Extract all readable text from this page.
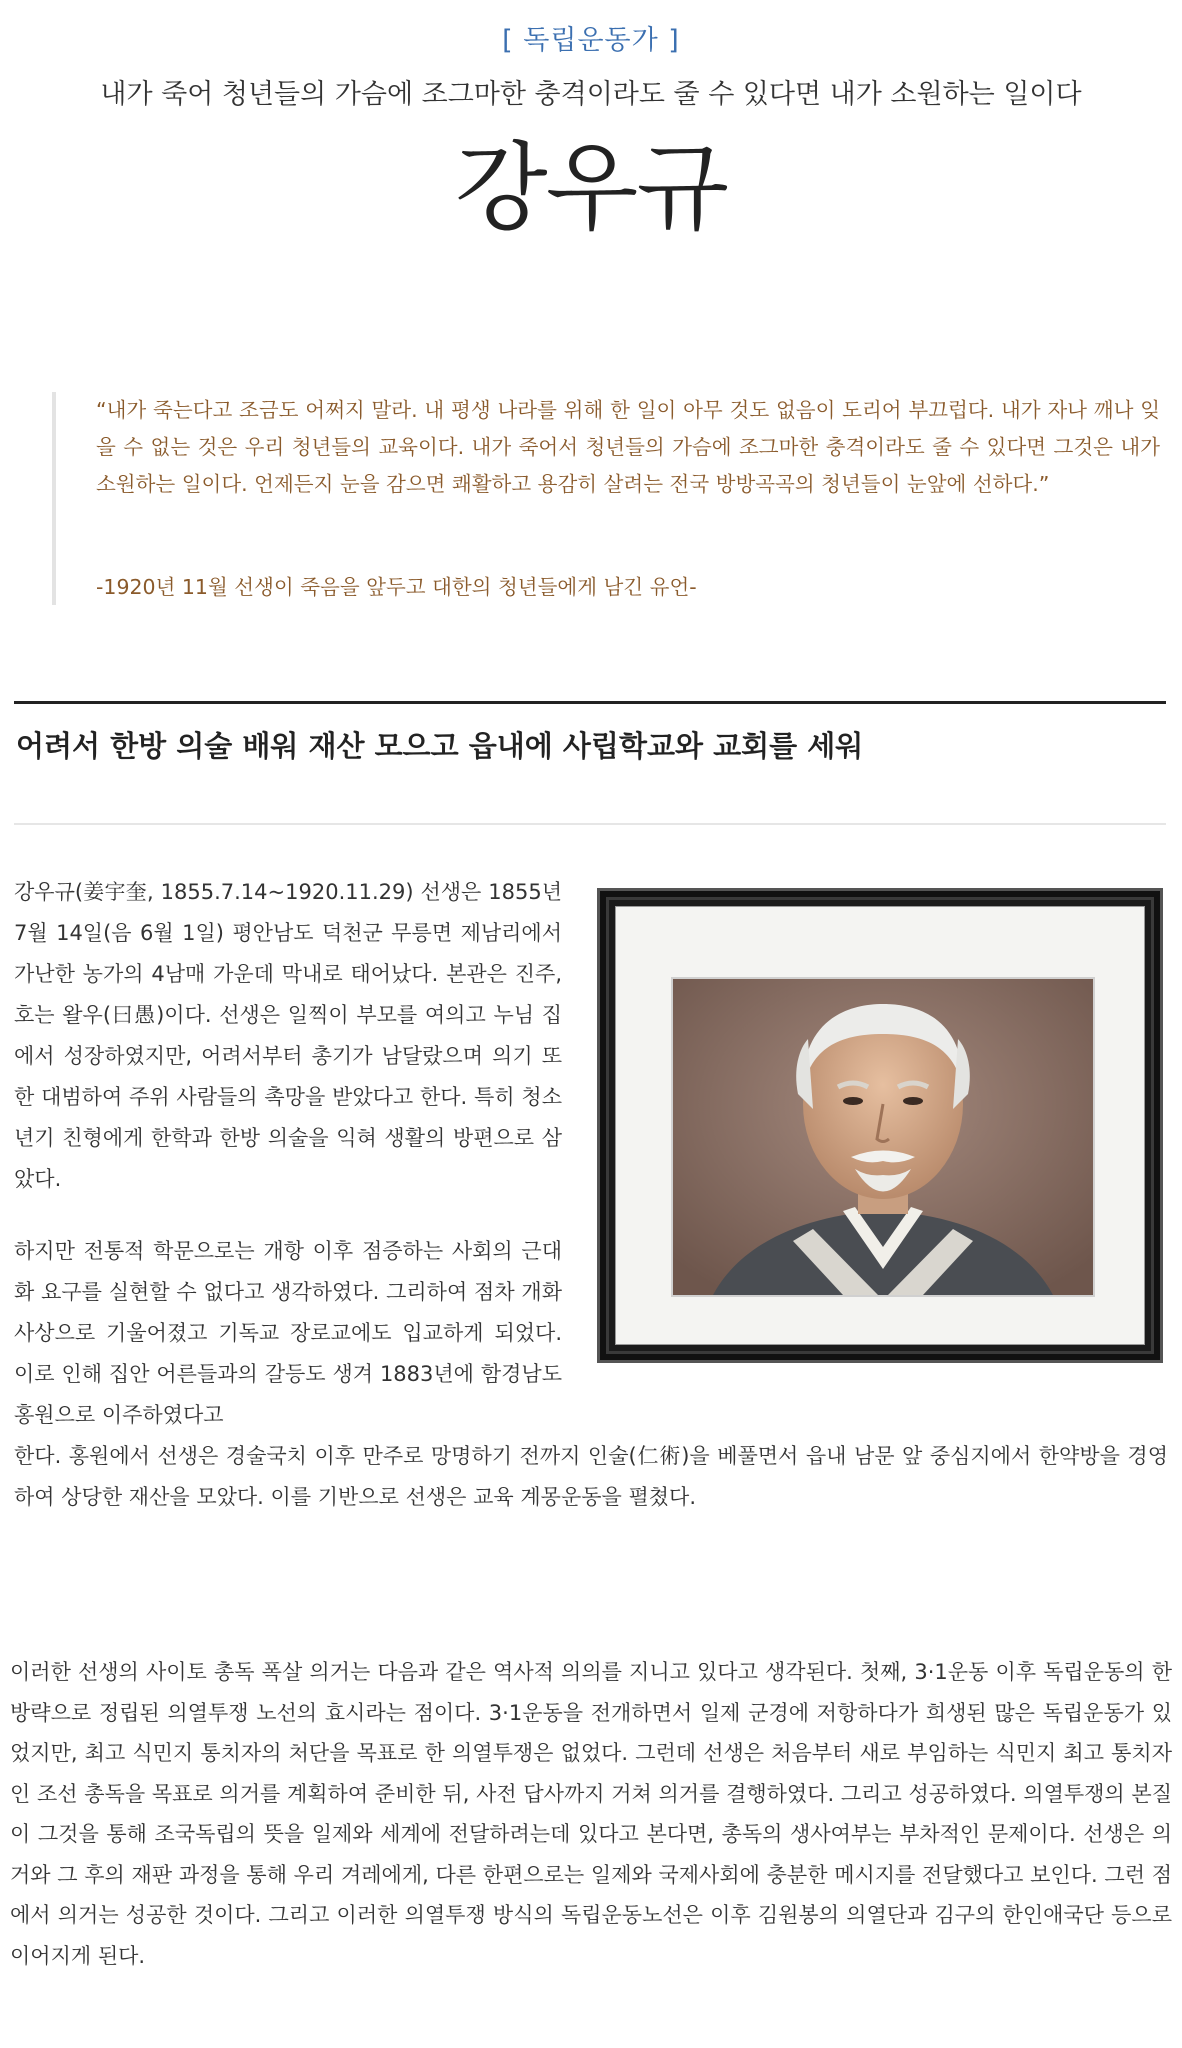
[ 독립운동가 ]
내가 죽어 청년들의 가슴에 조그마한 충격이라도 줄 수 있다면 내가 소원하는 일이다
강우규

“내가 죽는다고 조금도 어쩌지 말라. 내 평생 나라를 위해 한 일이 아무 것도 없음이 도리어 부끄럽다. 내가 자나 깨나 잊을 수 없는 것은 우리 청년들의 교육이다. 내가 죽어서 청년들의 가슴에 조그마한 충격이라도 줄 수 있다면 그것은 내가 소원하는 일이다. 언제든지 눈을 감으면 쾌활하고 용감히 살려는 전국 방방곡곡의 청년들이 눈앞에 선하다.”

-1920년 11월 선생이 죽음을 앞두고 대한의 청년들에게 남긴 유언-
어려서 한방 의술 배워 재산 모으고 읍내에 사립학교와 교회를 세워

강우규(姜宇奎, 1855.7.14~1920.11.29) 선생은 1855년 7월 14일(음 6월 1일) 평안남도 덕천군 무릉면 제남리에서 가난한 농가의 4남매 가운데 막내로 태어났다. 본관은 진주, 호는 왈우(曰愚)이다. 선생은 일찍이 부모를 여의고 누님 집에서 성장하였지만, 어려서부터 총기가 남달랐으며 의기 또한 대범하여 주위 사람들의 촉망을 받았다고 한다. 특히 청소년기 친형에게 한학과 한방 의술을 익혀 생활의 방편으로 삼았다.

하지만 전통적 학문으로는 개항 이후 점증하는 사회의 근대화 요구를 실현할 수 없다고 생각하였다. 그리하여 점차 개화사상으로 기울어졌고 기독교 장로교에도 입교하게 되었다. 이로 인해 집안 어른들과의 갈등도 생겨 1883년에 함경남도 홍원으로 이주하였다고

한다. 홍원에서 선생은 경술국치 이후 만주로 망명하기 전까지 인술(仁術)을 베풀면서 읍내 남문 앞 중심지에서 한약방을 경영하여 상당한 재산을 모았다. 이를 기반으로 선생은 교육 계몽운동을 펼쳤다.

이러한 선생의 사이토 총독 폭살 의거는 다음과 같은 역사적 의의를 지니고 있다고 생각된다. 첫째, 3·1운동 이후 독립운동의 한 방략으로 정립된 의열투쟁 노선의 효시라는 점이다. 3·1운동을 전개하면서 일제 군경에 저항하다가 희생된 많은 독립운동가 있었지만, 최고 식민지 통치자의 처단을 목표로 한 의열투쟁은 없었다. 그런데 선생은 처음부터 새로 부임하는 식민지 최고 통치자인 조선 총독을 목표로 의거를 계획하여 준비한 뒤, 사전 답사까지 거쳐 의거를 결행하였다. 그리고 성공하였다. 의열투쟁의 본질이 그것을 통해 조국독립의 뜻을 일제와 세계에 전달하려는데 있다고 본다면, 총독의 생사여부는 부차적인 문제이다. 선생은 의거와 그 후의 재판 과정을 통해 우리 겨레에게, 다른 한편으로는 일제와 국제사회에 충분한 메시지를 전달했다고 보인다. 그런 점에서 의거는 성공한 것이다. 그리고 이러한 의열투쟁 방식의 독립운동노선은 이후 김원봉의 의열단과 김구의 한인애국단 등으로 이어지게 된다.
